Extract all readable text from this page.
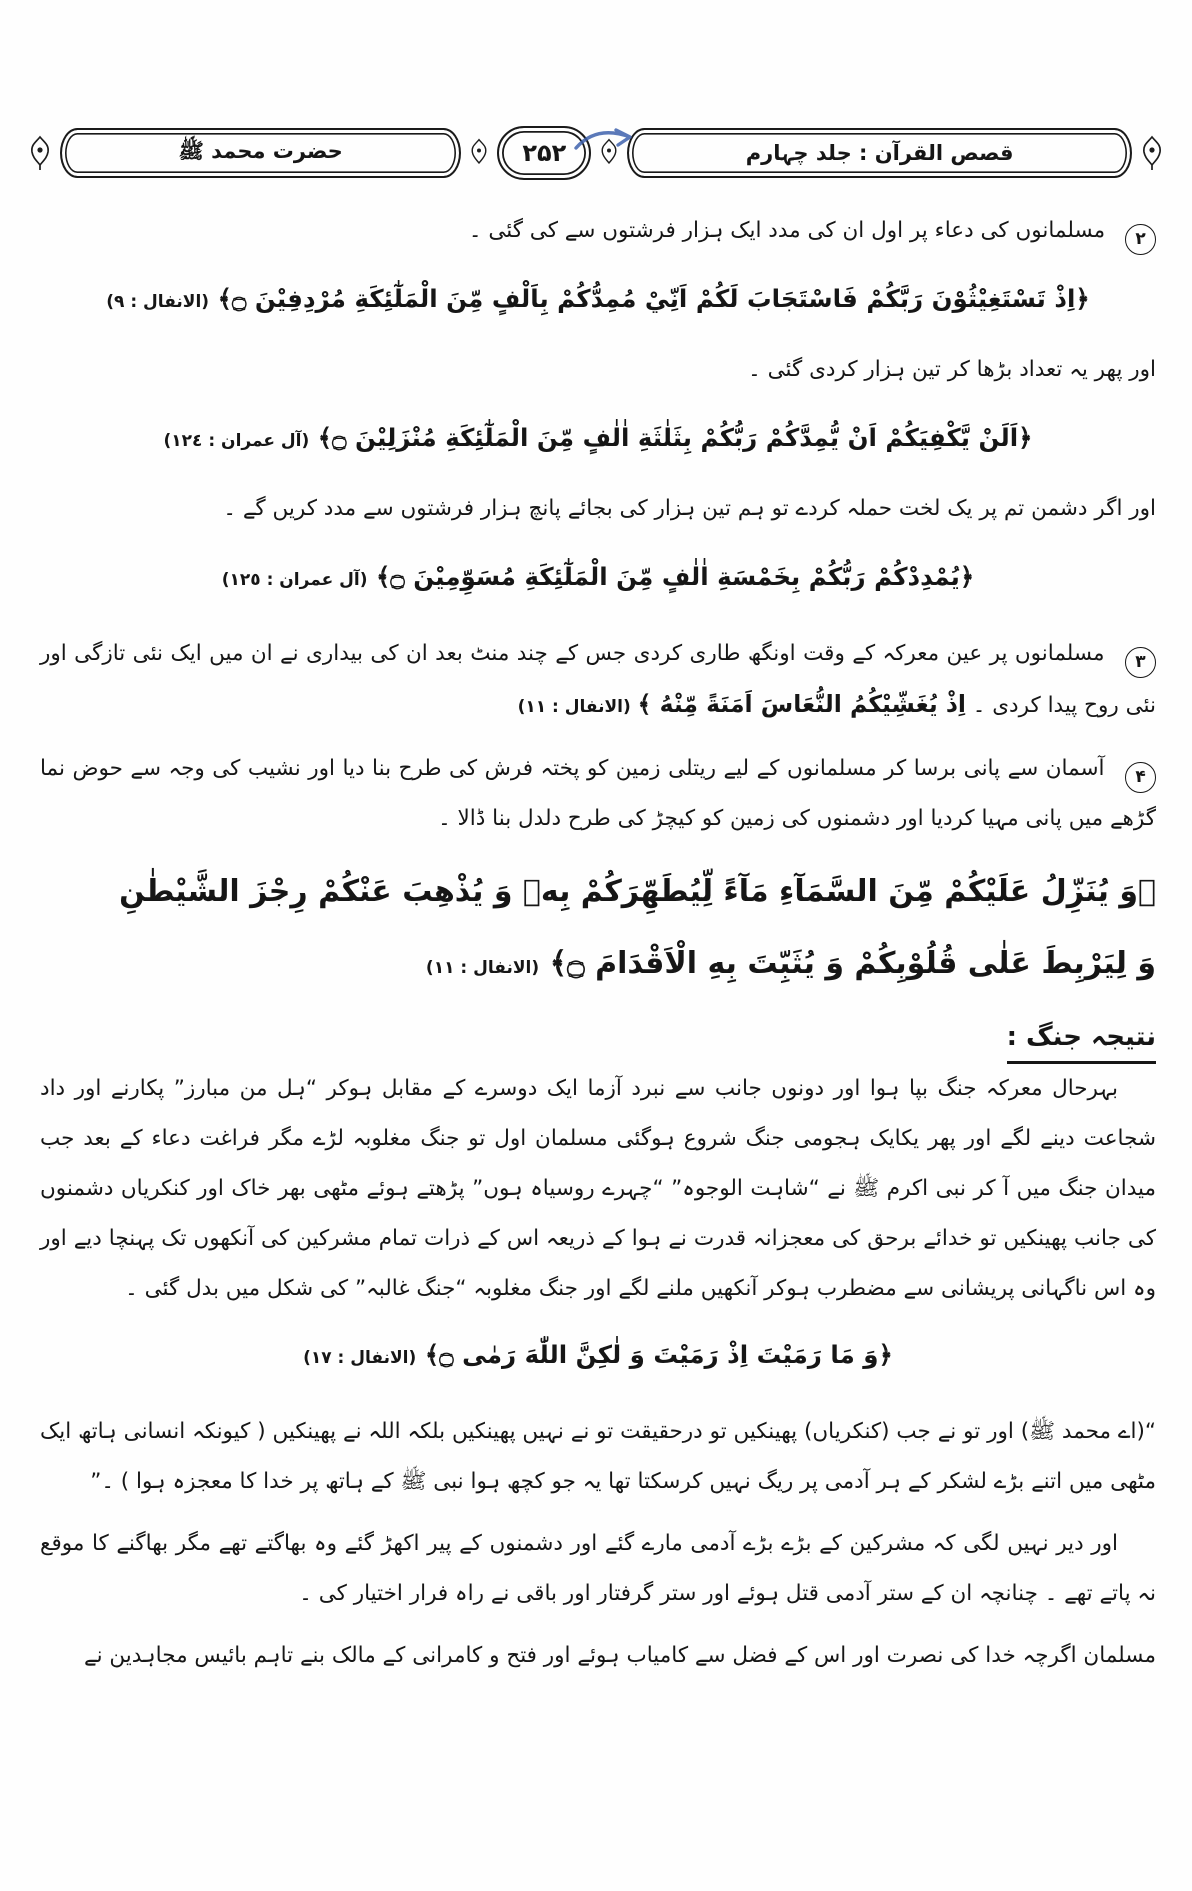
قصص القرآن : جلد چہارم
۲۵۲
حضرت محمد ﷺ

۲ مسلمانوں کی دعاء پر اول ان کی مدد ایک ہزار فرشتوں سے کی گئی ۔

﴿اِذْ تَسْتَغِيْثُوْنَ رَبَّكُمْ فَاسْتَجَابَ لَكُمْ اَنِّيْ مُمِدُّكُمْ بِاَلْفٍ مِّنَ الْمَلٰٓئِكَةِ مُرْدِفِيْنَ ۝﴾ (الانفال : ٩)

اور پھر یہ تعداد بڑھا کر تین ہزار کردی گئی ۔

﴿اَلَنْ يَّكْفِيَكُمْ اَنْ يُّمِدَّكُمْ رَبُّكُمْ بِثَلٰثَةِ اٰلٰفٍ مِّنَ الْمَلٰٓئِكَةِ مُنْزَلِيْنَ ۝﴾ (آل عمران : ١٢٤)

اور اگر دشمن تم پر یک لخت حملہ کردے تو ہم تین ہزار کی بجائے پانچ ہزار فرشتوں سے مدد کریں گے ۔

﴿يُمْدِدْكُمْ رَبُّكُمْ بِخَمْسَةِ اٰلٰفٍ مِّنَ الْمَلٰٓئِكَةِ مُسَوِّمِيْنَ ۝﴾ (آل عمران : ١٢٥)

۳ مسلمانوں پر عین معرکہ کے وقت اونگھ طاری کردی جس کے چند منٹ بعد ان کی بیداری نے ان میں ایک نئی تازگی اور نئی روح پیدا کردی ۔ اِذْ يُغَشِّيْكُمُ النُّعَاسَ اَمَنَةً مِّنْهُ ﴾ (الانفال : ١١)

۴ آسمان سے پانی برسا کر مسلمانوں کے لیے ریتلی زمین کو پختہ فرش کی طرح بنا دیا اور نشیب کی وجہ سے حوض نما گڑھے میں پانی مہیا کردیا اور دشمنوں کی زمین کو کیچڑ کی طرح دلدل بنا ڈالا ۔

﴿وَ يُنَزِّلُ عَلَيْكُمْ مِّنَ السَّمَآءِ مَآءً لِّيُطَهِّرَكُمْ بِهٖ وَ يُذْهِبَ عَنْكُمْ رِجْزَ الشَّيْطٰنِ وَ لِيَرْبِطَ عَلٰى قُلُوْبِكُمْ وَ يُثَبِّتَ بِهِ الْاَقْدَامَ ۝﴾ (الانفال : ١١)
نتیجہ جنگ :

بہرحال معرکہ جنگ بپا ہوا اور دونوں جانب سے نبرد آزما ایک دوسرے کے مقابل ہوکر “ہل من مبارز” پکارنے اور داد شجاعت دینے لگے اور پھر یکایک ہجومی جنگ شروع ہوگئی مسلمان اول تو جنگ مغلوبہ لڑے مگر فراغت دعاء کے بعد جب میدان جنگ میں آ کر نبی اکرم ﷺ نے “شاہت الوجوہ” “چہرے روسیاہ ہوں” پڑھتے ہوئے مٹھی بھر خاک اور کنکریاں دشمنوں کی جانب پھینکیں تو خدائے برحق کی معجزانہ قدرت نے ہوا کے ذریعہ اس کے ذرات تمام مشرکین کی آنکھوں تک پہنچا دیے اور وہ اس ناگہانی پریشانی سے مضطرب ہوکر آنکھیں ملنے لگے اور جنگ مغلوبہ “جنگ غالبہ” کی شکل میں بدل گئی ۔

﴿وَ مَا رَمَيْتَ اِذْ رَمَيْتَ وَ لٰكِنَّ اللّٰهَ رَمٰى ۝﴾ (الانفال : ١٧)

“(اے محمد ﷺ) اور تو نے جب (کنکریاں) پھینکیں تو درحقیقت تو نے نہیں پھینکیں بلکہ اللہ نے پھینکیں ( کیونکہ انسانی ہاتھ ایک مٹھی میں اتنے بڑے لشکر کے ہر آدمی پر ریگ نہیں کرسکتا تھا یہ جو کچھ ہوا نبی ﷺ کے ہاتھ پر خدا کا معجزہ ہوا ) ۔”

اور دیر نہیں لگی کہ مشرکین کے بڑے بڑے آدمی مارے گئے اور دشمنوں کے پیر اکھڑ گئے وہ بھاگتے تھے مگر بھاگنے کا موقع نہ پاتے تھے ۔ چنانچہ ان کے ستر آدمی قتل ہوئے اور ستر گرفتار اور باقی نے راہ فرار اختیار کی ۔

مسلمان اگرچہ خدا کی نصرت اور اس کے فضل سے کامیاب ہوئے اور فتح و کامرانی کے مالک بنے تاہم بائیس مجاہدین نے
